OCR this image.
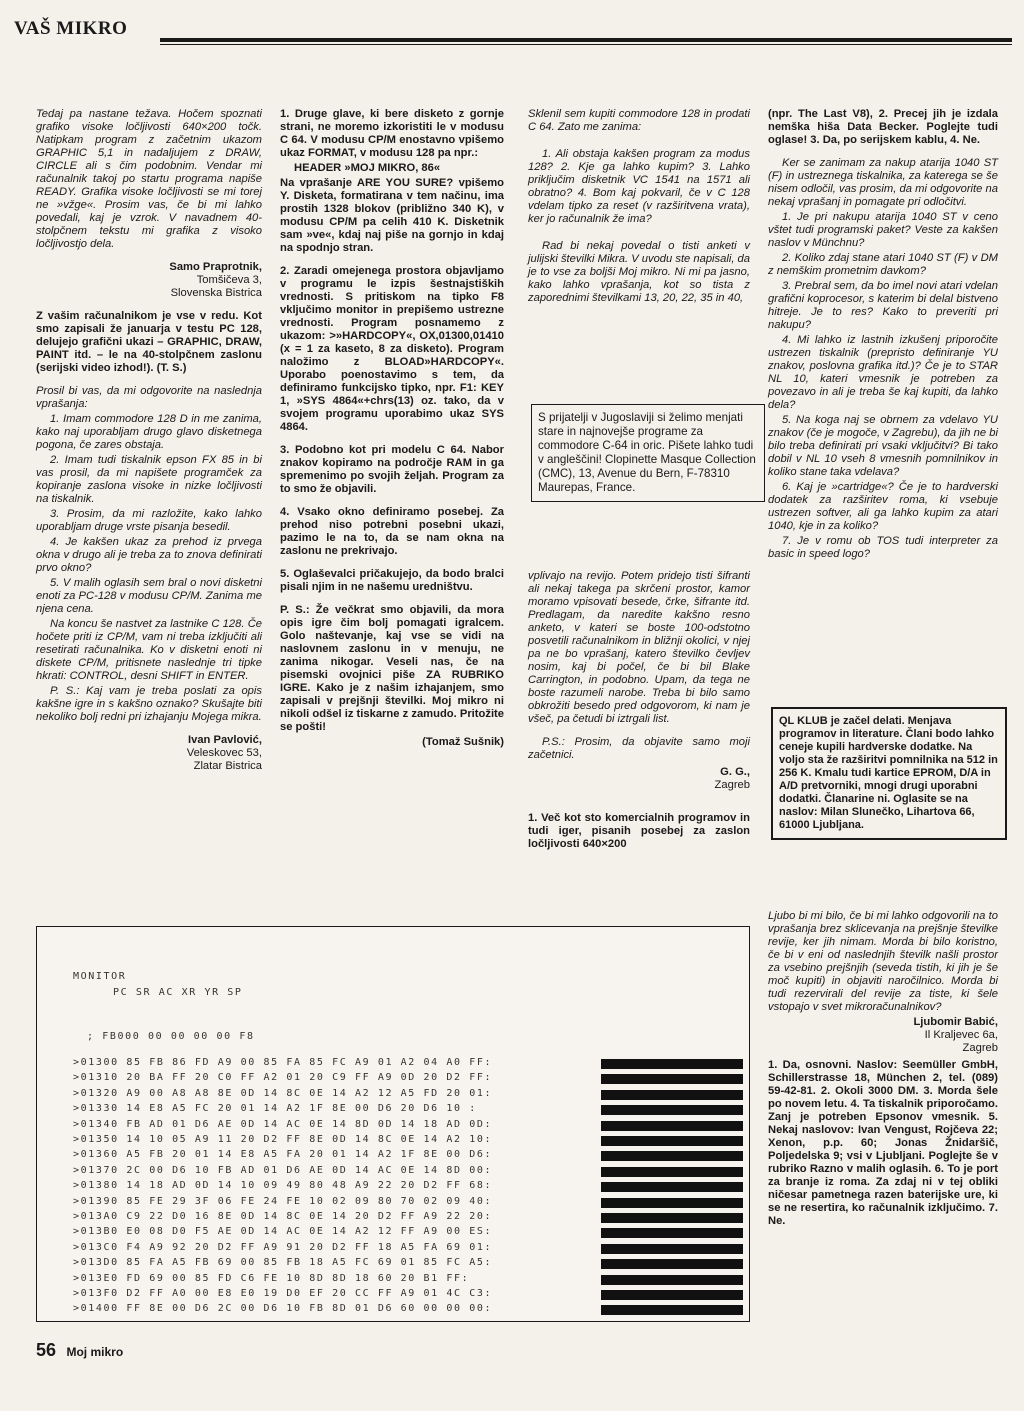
VAŠ MIKRO

Tedaj pa nastane težava. Hočem spoznati grafiko visoke ločljivosti 640×200 točk. Natipkam program z začetnim ukazom GRAPHIC 5,1 in nadaljujem z DRAW, CIRCLE ali s čim podobnim. Vendar mi računalnik takoj po startu programa napiše READY. Grafika visoke ločljivosti se mi torej ne »vžge«. Prosim vas, če bi mi lahko povedali, kaj je vzrok. V navadnem 40-stolpčnem tekstu mi grafika z visoko ločljivostjo dela.

Samo Praprotnik,
Tomšičeva 3,
Slovenska Bistrica

Z vašim računalnikom je vse v redu. Kot smo zapisali že januarja v testu PC 128, delujejo grafični ukazi – GRAPHIC, DRAW, PAINT itd. – le na 40-stolpčnem zaslonu (serijski video izhod!). (T. S.)

Prosil bi vas, da mi odgovorite na naslednja vprašanja:

1. Imam commodore 128 D in me zanima, kako naj uporabljam drugo glavo disketnega pogona, če zares obstaja.

2. Imam tudi tiskalnik epson FX 85 in bi vas prosil, da mi napišete programček za kopiranje zaslona visoke in nizke ločljivosti na tiskalnik.

3. Prosim, da mi razložite, kako lahko uporabljam druge vrste pisanja besedil.

4. Je kakšen ukaz za prehod iz prvega okna v drugo ali je treba za to znova definirati prvo okno?

5. V malih oglasih sem bral o novi disketni enoti za PC-128 v modusu CP/M. Zanima me njena cena.

Na koncu še nastvet za lastnike C 128. Če hočete priti iz CP/M, vam ni treba izključiti ali resetirati računalnika. Ko v disketni enoti ni diskete CP/M, pritisnete naslednje tri tipke hkrati: CONTROL, desni SHIFT in ENTER.

P. S.: Kaj vam je treba poslati za opis kakšne igre in s kakšno oznako? Skušajte biti nekoliko bolj redni pri izhajanju Mojega mikra.

Ivan Pavlović,
Veleskovec 53,
Zlatar Bistrica

1. Druge glave, ki bere disketo z gornje strani, ne moremo izkoristiti le v modusu C 64. V modusu CP/M enostavno vpišemo ukaz FORMAT, v modusu 128 pa npr.:

HEADER »MOJ MIKRO, 86«

Na vprašanje ARE YOU SURE? vpišemo Y. Disketa, formatirana v tem načinu, ima prostih 1328 blokov (približno 340 K), v modusu CP/M pa celih 410 K. Disketnik sam »ve«, kdaj naj piše na gornjo in kdaj na spodnjo stran.

2. Zaradi omejenega prostora objavljamo v programu le izpis šestnajstiških vrednosti. S pritiskom na tipko F8 vključimo monitor in prepišemo ustrezne vrednosti. Program posnamemo z ukazom: >»HARDCOPY«, OX,01300,01410 (x = 1 za kaseto, 8 za disketo). Program naložimo z BLOAD»HARDCOPY«. Uporabo poenostavimo s tem, da definiramo funkcijsko tipko, npr. F1: KEY 1, »SYS 4864«+chrs(13) oz. tako, da v svojem programu uporabimo ukaz SYS 4864.

3. Podobno kot pri modelu C 64. Nabor znakov kopiramo na področje RAM in ga spremenimo po svojih željah. Program za to smo že objavili.

4. Vsako okno definiramo posebej. Za prehod niso potrebni posebni ukazi, pazimo le na to, da se nam okna na zaslonu ne prekrivajo.

5. Oglaševalci pričakujejo, da bodo bralci pisali njim in ne našemu uredništvu.

P. S.: Že večkrat smo objavili, da mora opis igre čim bolj pomagati igralcem. Golo naštevanje, kaj vse se vidi na naslovnem zaslonu in v menuju, ne zanima nikogar. Veseli nas, če na pisemski ovojnici piše ZA RUBRIKO IGRE. Kako je z našim izhajanjem, smo zapisali v prejšnji številki. Moj mikro ni nikoli odšel iz tiskarne z zamudo. Pritožite se pošti!

(Tomaž Sušnik)

Sklenil sem kupiti commodore 128 in prodati C 64. Zato me zanima:

1. Ali obstaja kakšen program za modus 128? 2. Kje ga lahko kupim? 3. Lahko priključim disketnik VC 1541 na 1571 ali obratno? 4. Bom kaj pokvaril, če v C 128 vdelam tipko za reset (v razširitvena vrata), ker jo računalnik že ima?

Rad bi nekaj povedal o tisti anketi v julijski številki Mikra. V uvodu ste napisali, da je to vse za boljši Moj mikro. Ni mi pa jasno, kako lahko vprašanja, kot so tista z zaporednimi številkami 13, 20, 22, 35 in 40,

S prijatelji v Jugoslaviji si želimo menjati stare in najnovejše programe za commodore C-64 in oric. Pišete lahko tudi v angleščini! Clopinette Masque Collection (CMC), 13, Avenue du Bern, F-78310 Maurepas, France.

vplivajo na revijo. Potem pridejo tisti šifranti ali nekaj takega pa skrčeni prostor, kamor moramo vpisovati besede, črke, šifrante itd. Predlagam, da naredite kakšno resno anketo, v kateri se boste 100-odstotno posvetili računalnikom in bližnji okolici, v njej pa ne bo vprašanj, katero številko čevljev nosim, kaj bi počel, če bi bil Blake Carrington, in podobno. Upam, da tega ne boste razumeli narobe. Treba bi bilo samo obkrožiti besedo pred odgovorom, ki nam je všeč, pa četudi bi iztrgali list.

P.S.: Prosim, da objavite samo moji začetnici.

G. G.,
Zagreb

1. Več kot sto komercialnih programov in tudi iger, pisanih posebej za zaslon ločljivosti 640×200

(npr. The Last V8), 2. Precej jih je izdala nemška hiša Data Becker. Poglejte tudi oglase! 3. Da, po serijskem kablu, 4. Ne.

Ker se zanimam za nakup atarija 1040 ST (F) in ustreznega tiskalnika, za katerega se še nisem odločil, vas prosim, da mi odgovorite na nekaj vprašanj in pomagate pri odločitvi.

1. Je pri nakupu atarija 1040 ST v ceno vštet tudi programski paket? Veste za kakšen naslov v Münchnu?

2. Koliko zdaj stane atari 1040 ST (F) v DM z nemškim prometnim davkom?

3. Prebral sem, da bo imel novi atari vdelan grafični koprocesor, s katerim bi delal bistveno hitreje. Je to res? Kako to preveriti pri nakupu?

4. Mi lahko iz lastnih izkušenj priporočite ustrezen tiskalnik (prepristo definiranje YU znakov, poslovna grafika itd.)? Če je to STAR NL 10, kateri vmesnik je potreben za povezavo in ali je treba še kaj kupiti, da lahko dela?

5. Na koga naj se obrnem za vdelavo YU znakov (če je mogoče, v Zagrebu), da jih ne bi bilo treba definirati pri vsaki vključitvi? Bi tako dobil v NL 10 vseh 8 vmesnih pomnilnikov in koliko stane taka vdelava?

6. Kaj je »cartridge«? Če je to hardverski dodatek za razširitev roma, ki vsebuje ustrezen softver, ali ga lahko kupim za atari 1040, kje in za koliko?

7. Je v romu ob TOS tudi interpreter za basic in speed logo?

QL KLUB je začel delati. Menjava programov in literature. Člani bodo lahko ceneje kupili hardverske dodatke. Na voljo sta že razširitvi pomnilnika na 512 in 256 K. Kmalu tudi kartice EPROM, D/A in A/D pretvorniki, mnogi drugi uporabni dodatki. Članarine ni. Oglasite se na naslov: Milan Slunečko, Lihartova 66, 61000 Ljubljana.

Ljubo bi mi bilo, če bi mi lahko odgovorili na to vprašanja brez sklicevanja na prejšnje številke revije, ker jih nimam. Morda bi bilo koristno, če bi v eni od naslednjih številk našli prostor za vsebino prejšnjih (seveda tistih, ki jih je še moč kupiti) in objaviti naročilnico. Morda bi tudi rezervirali del revije za tiste, ki šele vstopajo v svet mikroračunalnikov?

Ljubomir Babić,
Il Kraljevec 6a,
Zagreb

1. Da, osnovni. Naslov: Seemüller GmbH, Schillerstrasse 18, München 2, tel. (089) 59-42-81. 2. Okoli 3000 DM. 3. Morda šele po novem letu. 4. Ta tiskalnik priporočamo. Zanj je potreben Epsonov vmesnik. 5. Nekaj naslovov: Ivan Vengust, Rojčeva 22; Xenon, p.p. 60; Jonas Žnidaršič, Poljedelska 9; vsi v Ljubljani. Poglejte še v rubriko Razno v malih oglasih. 6. To je port za branje iz roma. Za zdaj ni v tej obliki ničesar pametnega razen baterijske ure, ki se ne resertira, ko računalnik izključimo. 7. Ne.

MONITOR
PC SR AC XR YR SP
; FB000 00 00 00 00 F8
>01300 85 FB 86 FD A9 00 85 FA 85 FC A9 01 A2 04 A0 FF:
>01310 20 BA FF 20 C0 FF A2 01 20 C9 FF A9 0D 20 D2 FF:
>01320 A9 00 A8 A8 8E 0D 14 8C 0E 14 A2 12 A5 FD 20 01:
>01330 14 E8 A5 FC 20 01 14 A2 1F 8E 00 D6 20 D6 10 :
>01340 FB AD 01 D6 AE 0D 14 AC 0E 14 8D 0D 14 18 AD 0D:
>01350 14 10 05 A9 11 20 D2 FF 8E 0D 14 8C 0E 14 A2 10:
>01360 A5 FB 20 01 14 E8 A5 FA 20 01 14 A2 1F 8E 00 D6:
>01370 2C 00 D6 10 FB AD 01 D6 AE 0D 14 AC 0E 14 8D 00:
>01380 14 18 AD 0D 14 10 09 49 80 48 A9 22 20 D2 FF 68:
>01390 85 FE 29 3F 06 FE 24 FE 10 02 09 80 70 02 09 40:
>013A0 C9 22 D0 16 8E 0D 14 8C 0E 14 20 D2 FF A9 22 20:
>013B0 E0 08 D0 F5 AE 0D 14 AC 0E 14 A2 12 FF A9 00 ES:
>013C0 F4 A9 92 20 D2 FF A9 91 20 D2 FF 18 A5 FA 69 01:
>013D0 85 FA A5 FB 69 00 85 FB 18 A5 FC 69 01 85 FC A5:
>013E0 FD 69 00 85 FD C6 FE 10 8D 8D 18 60 20 B1 FF:
>013F0 D2 FF A0 00 E8 E0 19 D0 EF 20 CC FF A9 01 4C C3:
>01400 FF 8E 00 D6 2C 00 D6 10 FB 8D 01 D6 60 00 00 00:
56 Moj mikro
